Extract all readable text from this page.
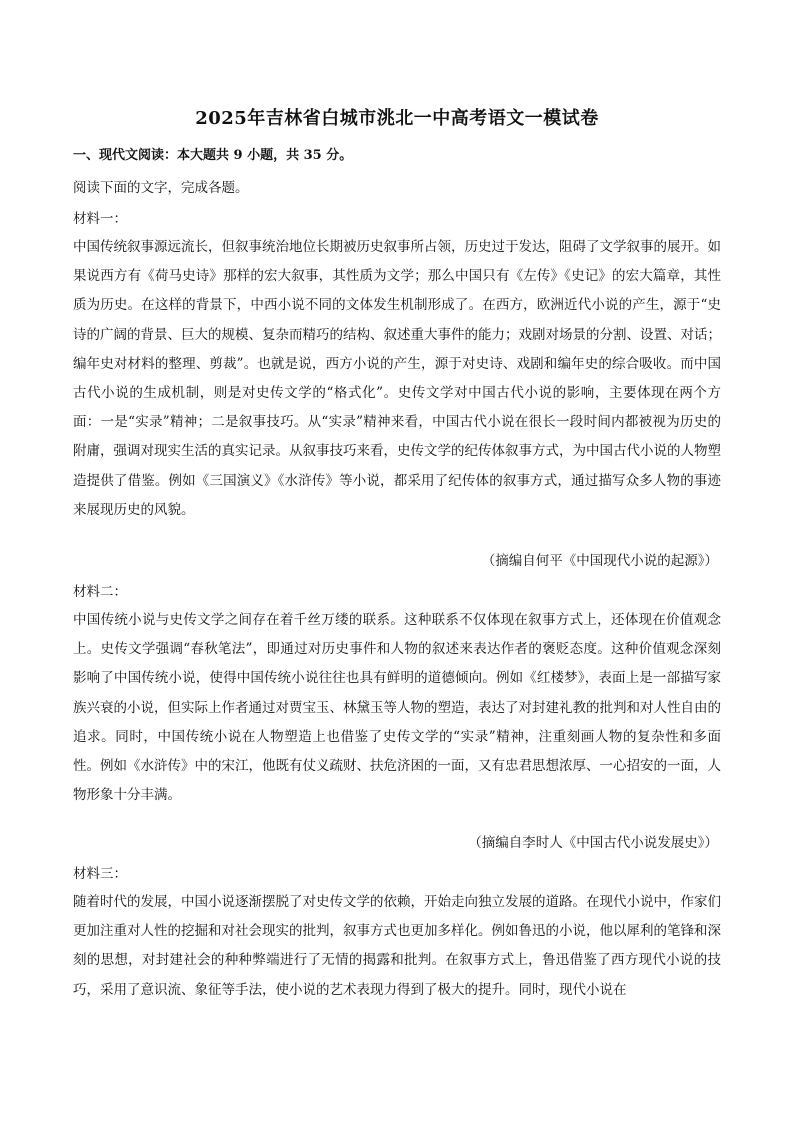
2025年吉林省白城市洮北一中高考语文一模试卷
一、现代文阅读：本大题共 9 小题，共 35 分。
阅读下面的文字，完成各题。
材料一：
中国传统叙事源远流长，但叙事统治地位长期被历史叙事所占领，历史过于发达，阻碍了文学叙事的展开。如果说西方有《荷马史诗》那样的宏大叙事，其性质为文学；那么中国只有《左传》《史记》的宏大篇章，其性质为历史。在这样的背景下，中西小说不同的文体发生机制形成了。在西方，欧洲近代小说的产生，源于“史诗的广阔的背景、巨大的规模、复杂而精巧的结构、叙述重大事件的能力；戏剧对场景的分割、设置、对话；编年史对材料的整理、剪裁”。也就是说，西方小说的产生，源于对史诗、戏剧和编年史的综合吸收。而中国古代小说的生成机制，则是对史传文学的“格式化”。史传文学对中国古代小说的影响，主要体现在两个方面：一是“实录”精神；二是叙事技巧。从“实录”精神来看，中国古代小说在很长一段时间内都被视为历史的附庸，强调对现实生活的真实记录。从叙事技巧来看，史传文学的纪传体叙事方式，为中国古代小说的人物塑造提供了借鉴。例如《三国演义》《水浒传》等小说，都采用了纪传体的叙事方式，通过描写众多人物的事迹来展现历史的风貌。
（摘编自何平《中国现代小说的起源》）
材料二：
中国传统小说与史传文学之间存在着千丝万缕的联系。这种联系不仅体现在叙事方式上，还体现在价值观念上。史传文学强调“春秋笔法”，即通过对历史事件和人物的叙述来表达作者的褒贬态度。这种价值观念深刻影响了中国传统小说，使得中国传统小说往往也具有鲜明的道德倾向。例如《红楼梦》，表面上是一部描写家族兴衰的小说，但实际上作者通过对贾宝玉、林黛玉等人物的塑造，表达了对封建礼教的批判和对人性自由的追求。同时，中国传统小说在人物塑造上也借鉴了史传文学的“实录”精神，注重刻画人物的复杂性和多面性。例如《水浒传》中的宋江，他既有仗义疏财、扶危济困的一面，又有忠君思想浓厚、一心招安的一面，人物形象十分丰满。
（摘编自李时人《中国古代小说发展史》）
材料三：
随着时代的发展，中国小说逐渐摆脱了对史传文学的依赖，开始走向独立发展的道路。在现代小说中，作家们更加注重对人性的挖掘和对社会现实的批判，叙事方式也更加多样化。例如鲁迅的小说，他以犀利的笔锋和深刻的思想，对封建社会的种种弊端进行了无情的揭露和批判。在叙事方式上，鲁迅借鉴了西方现代小说的技巧，采用了意识流、象征等手法，使小说的艺术表现力得到了极大的提升。同时，现代小说在
